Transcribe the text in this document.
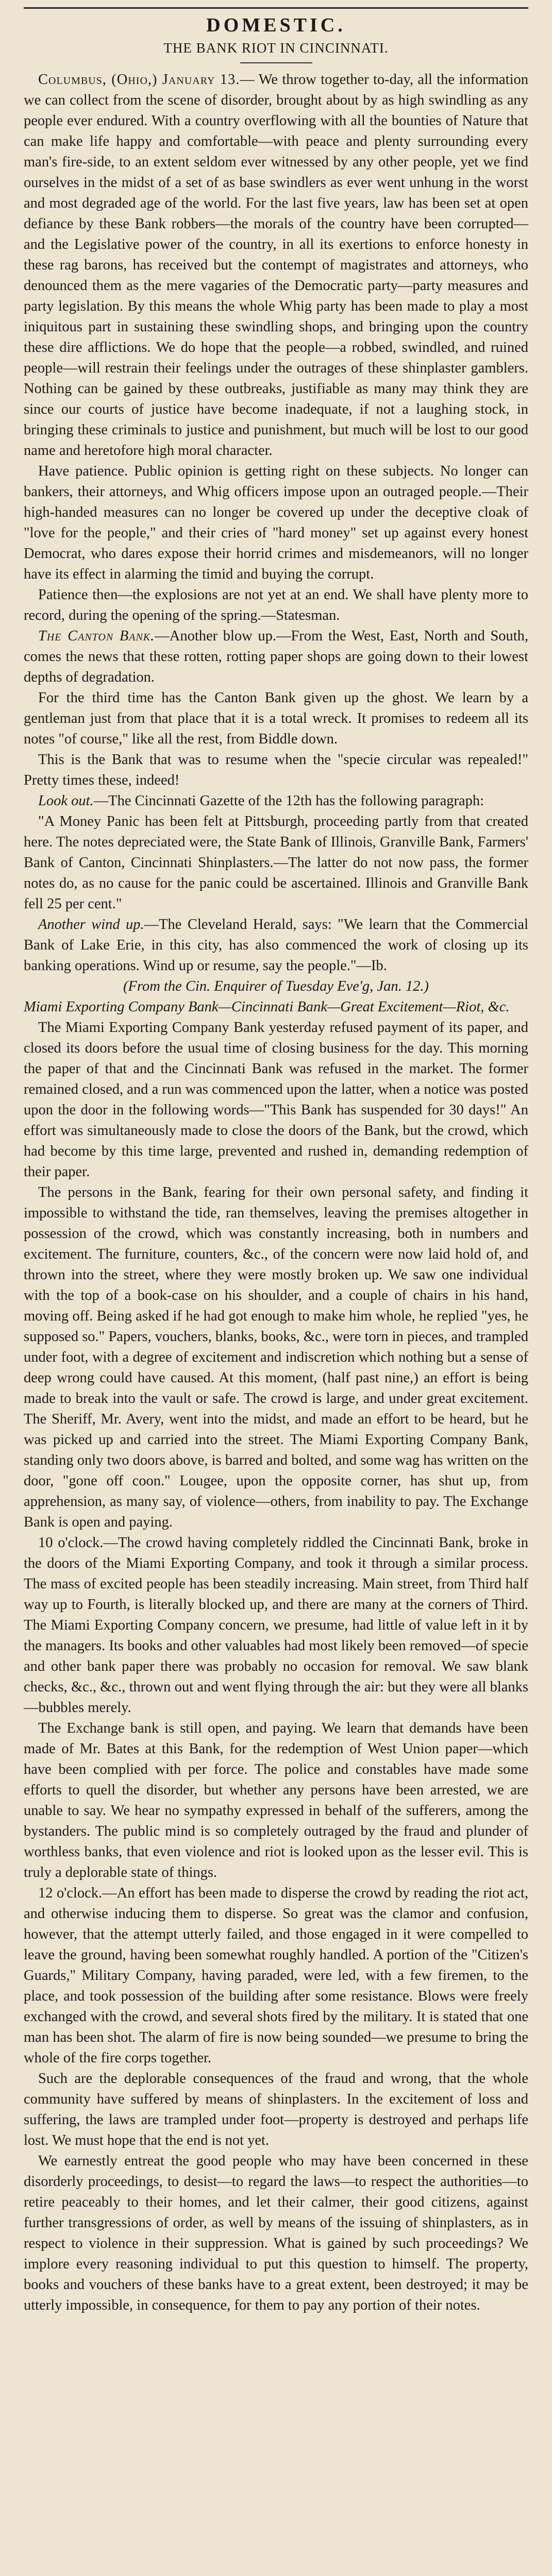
DOMESTIC.
THE BANK RIOT IN CINCINNATI.

Columbus, (Ohio,) January 13.— We throw together to-day, all the information we can collect from the scene of disorder, brought about by as high swindling as any people ever endured. With a country overflowing with all the bounties of Nature that can make life happy and comfortable—with peace and plenty surrounding every man's fire-side, to an extent seldom ever witnessed by any other people, yet we find ourselves in the midst of a set of as base swindlers as ever went unhung in the worst and most degraded age of the world. For the last five years, law has been set at open defiance by these Bank robbers—the morals of the country have been corrupted—and the Legislative power of the country, in all its exertions to enforce honesty in these rag barons, has received but the contempt of magistrates and attorneys, who denounced them as the mere vagaries of the Democratic party—party measures and party legislation. By this means the whole Whig party has been made to play a most iniquitous part in sustaining these swindling shops, and bringing upon the country these dire afflictions. We do hope that the people—a robbed, swindled, and ruined people—will restrain their feelings under the outrages of these shinplaster gamblers. Nothing can be gained by these outbreaks, justifiable as many may think they are since our courts of justice have become inadequate, if not a laughing stock, in bringing these criminals to justice and punishment, but much will be lost to our good name and heretofore high moral character.

Have patience. Public opinion is getting right on these subjects. No longer can bankers, their attorneys, and Whig officers impose upon an outraged people.—Their high-handed measures can no longer be covered up under the deceptive cloak of "love for the people," and their cries of "hard money" set up against every honest Democrat, who dares expose their horrid crimes and misdemeanors, will no longer have its effect in alarming the timid and buying the corrupt.

Patience then—the explosions are not yet at an end. We shall have plenty more to record, during the opening of the spring.—Statesman.

The Canton Bank.—Another blow up.—From the West, East, North and South, comes the news that these rotten, rotting paper shops are going down to their lowest depths of degradation.

For the third time has the Canton Bank given up the ghost. We learn by a gentleman just from that place that it is a total wreck. It promises to redeem all its notes "of course," like all the rest, from Biddle down.

This is the Bank that was to resume when the "specie circular was repealed!" Pretty times these, indeed!

Look out.—The Cincinnati Gazette of the 12th has the following paragraph:

"A Money Panic has been felt at Pittsburgh, proceeding partly from that created here. The notes depreciated were, the State Bank of Illinois, Granville Bank, Farmers' Bank of Canton, Cincinnati Shinplasters.—The latter do not now pass, the former notes do, as no cause for the panic could be ascertained. Illinois and Granville Bank fell 25 per cent."

Another wind up.—The Cleveland Herald, says: "We learn that the Commercial Bank of Lake Erie, in this city, has also commenced the work of closing up its banking operations. Wind up or resume, say the people."—Ib.

(From the Cin. Enquirer of Tuesday Eve'g, Jan. 12.)

Miami Exporting Company Bank—Cincinnati Bank—Great Excitement—Riot, &c.

The Miami Exporting Company Bank yesterday refused payment of its paper, and closed its doors before the usual time of closing business for the day. This morning the paper of that and the Cincinnati Bank was refused in the market. The former remained closed, and a run was commenced upon the latter, when a notice was posted upon the door in the following words—"This Bank has suspended for 30 days!" An effort was simultaneously made to close the doors of the Bank, but the crowd, which had become by this time large, prevented and rushed in, demanding redemption of their paper.

The persons in the Bank, fearing for their own personal safety, and finding it impossible to withstand the tide, ran themselves, leaving the premises altogether in possession of the crowd, which was constantly increasing, both in numbers and excitement. The furniture, counters, &c., of the concern were now laid hold of, and thrown into the street, where they were mostly broken up. We saw one individual with the top of a book-case on his shoulder, and a couple of chairs in his hand, moving off. Being asked if he had got enough to make him whole, he replied "yes, he supposed so." Papers, vouchers, blanks, books, &c., were torn in pieces, and trampled under foot, with a degree of excitement and indiscretion which nothing but a sense of deep wrong could have caused. At this moment, (half past nine,) an effort is being made to break into the vault or safe. The crowd is large, and under great excitement. The Sheriff, Mr. Avery, went into the midst, and made an effort to be heard, but he was picked up and carried into the street. The Miami Exporting Company Bank, standing only two doors above, is barred and bolted, and some wag has written on the door, "gone off coon." Lougee, upon the opposite corner, has shut up, from apprehension, as many say, of violence—others, from inability to pay. The Exchange Bank is open and paying.

10 o'clock.—The crowd having completely riddled the Cincinnati Bank, broke in the doors of the Miami Exporting Company, and took it through a similar process. The mass of excited people has been steadily increasing. Main street, from Third half way up to Fourth, is literally blocked up, and there are many at the corners of Third. The Miami Exporting Company concern, we presume, had little of value left in it by the managers. Its books and other valuables had most likely been removed—of specie and other bank paper there was probably no occasion for removal. We saw blank checks, &c., &c., thrown out and went flying through the air: but they were all blanks—bubbles merely.

The Exchange bank is still open, and paying. We learn that demands have been made of Mr. Bates at this Bank, for the redemption of West Union paper—which have been complied with per force. The police and constables have made some efforts to quell the disorder, but whether any persons have been arrested, we are unable to say. We hear no sympathy expressed in behalf of the sufferers, among the bystanders. The public mind is so completely outraged by the fraud and plunder of worthless banks, that even violence and riot is looked upon as the lesser evil. This is truly a deplorable state of things.

12 o'clock.—An effort has been made to disperse the crowd by reading the riot act, and otherwise inducing them to disperse. So great was the clamor and confusion, however, that the attempt utterly failed, and those engaged in it were compelled to leave the ground, having been somewhat roughly handled. A portion of the "Citizen's Guards," Military Company, having paraded, were led, with a few firemen, to the place, and took possession of the building after some resistance. Blows were freely exchanged with the crowd, and several shots fired by the military. It is stated that one man has been shot. The alarm of fire is now being sounded—we presume to bring the whole of the fire corps together.

Such are the deplorable consequences of the fraud and wrong, that the whole community have suffered by means of shinplasters. In the excitement of loss and suffering, the laws are trampled under foot—property is destroyed and perhaps life lost. We must hope that the end is not yet.

We earnestly entreat the good people who may have been concerned in these disorderly proceedings, to desist—to regard the laws—to respect the authorities—to retire peaceably to their homes, and let their calmer, their good citizens, against further transgressions of order, as well by means of the issuing of shinplasters, as in respect to violence in their suppression. What is gained by such proceedings? We implore every reasoning individual to put this question to himself. The property, books and vouchers of these banks have to a great extent, been destroyed; it may be utterly impossible, in consequence, for them to pay any portion of their notes.
